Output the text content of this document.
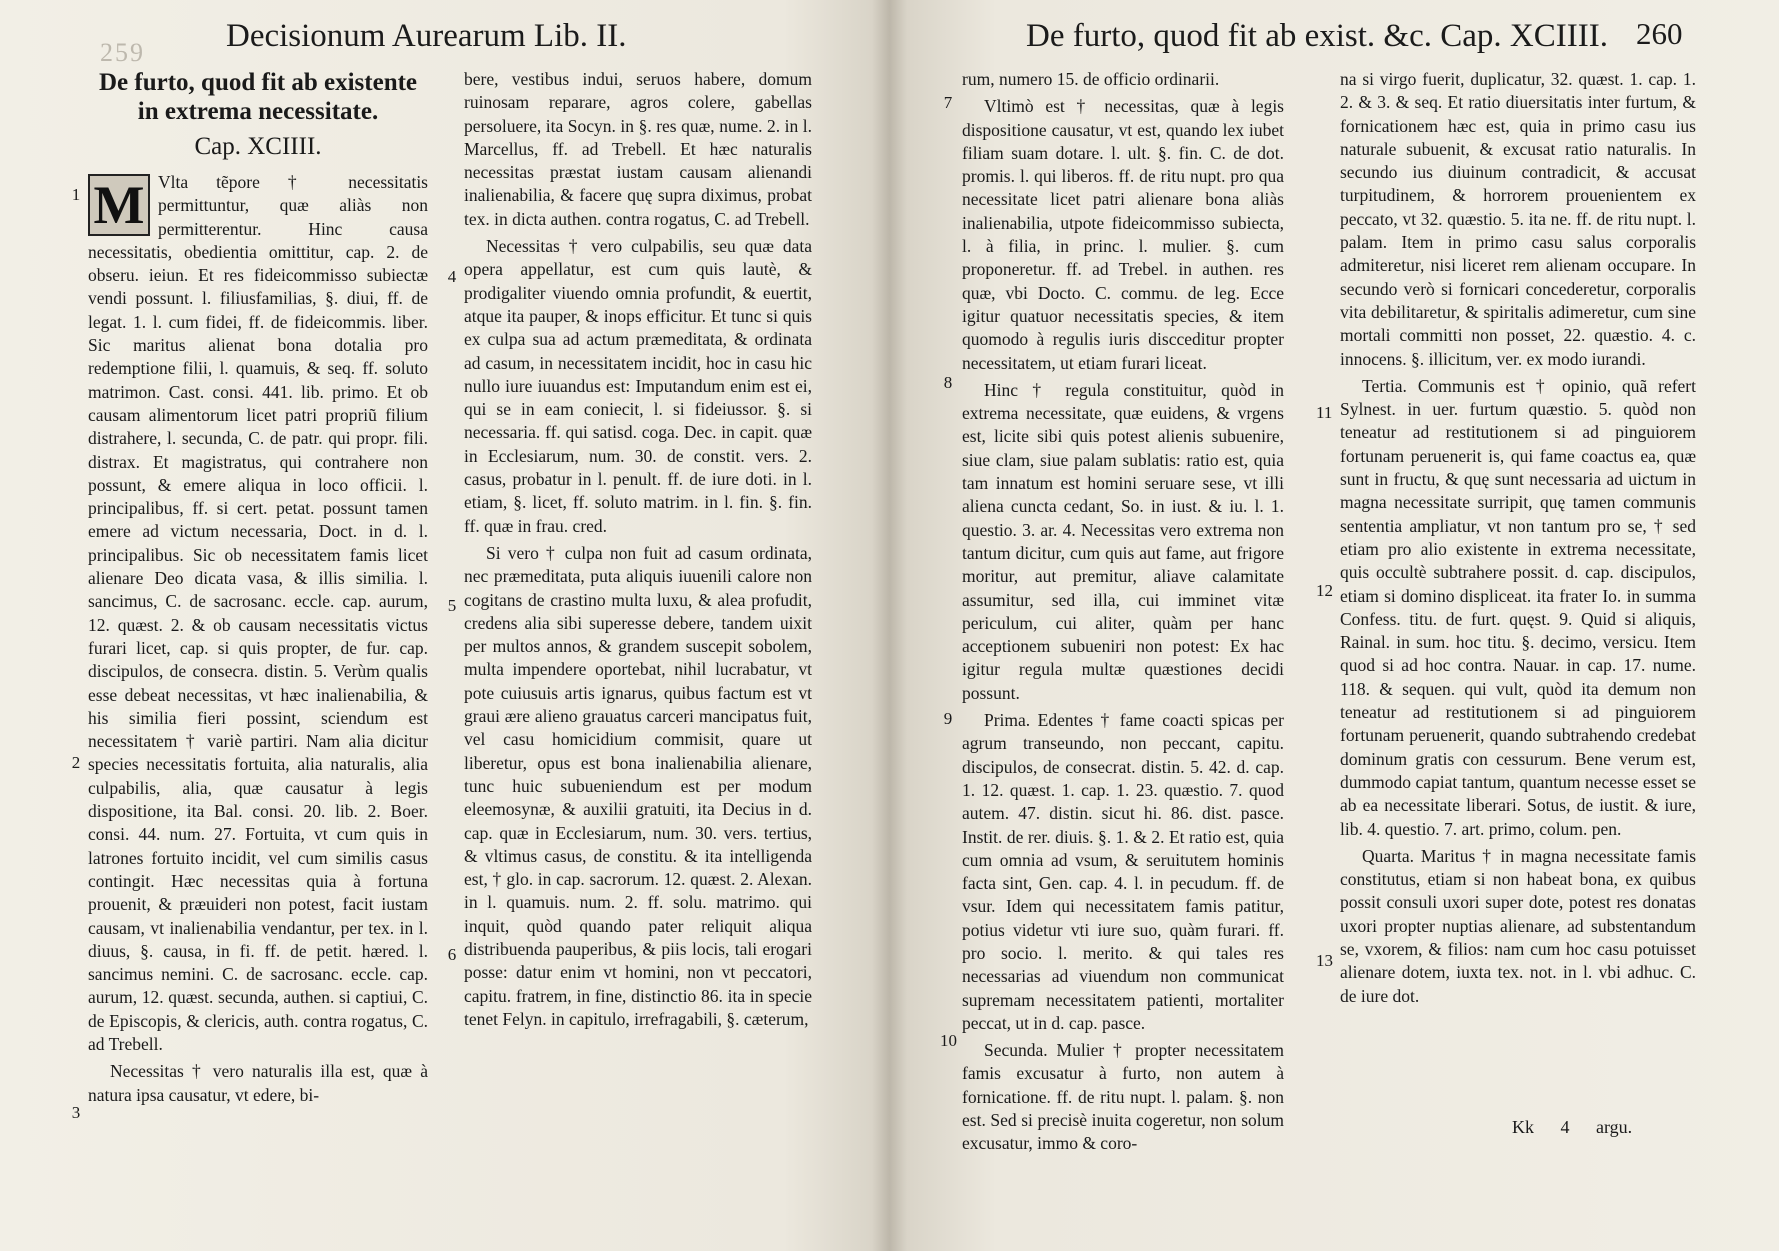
259 Decisionum Aurearum Lib. II.

De furto, quod fit ab existente in extrema necessitate.

Cap. XCIIII.

M Vlta tẽpore † necessitatis permittuntur, quæ aliàs non permitterentur. Hinc causa necessitatis, obedientia omittitur, cap. 2. de obseru. ieiun. Et res fideicommisso subiectæ vendi possunt. l. filiusfamilias, §. diui, ff. de legat. 1. l. cum fidei, ff. de fideicommis. liber. Sic maritus alienat bona dotalia pro redemptione filii, l. quamuis, & seq. ff. soluto matrimon. Cast. consi. 441. lib. primo. Et ob causam alimentorum licet patri propriũ filium distrahere, l. secunda, C. de patr. qui propr. fili. distrax. Et magistratus, qui contrahere non possunt, & emere aliqua in loco officii. l. principalibus, ff. si cert. petat. possunt tamen emere ad victum necessaria, Doct. in d. l. principalibus. Sic ob necessitatem famis licet alienare Deo dicata vasa, & illis similia. l. sancimus, C. de sacrosanc. eccle. cap. aurum, 12. quæst. 2. & ob causam necessitatis victus furari licet, cap. si quis propter, de fur. cap. discipulos, de consecra. distin. 5. Verùm qualis esse debeat necessitas, vt hæc inalienabilia, & his similia fieri possint, sciendum est necessitatem † variè partiri. Nam alia dicitur species necessitatis fortuita, alia naturalis, alia culpabilis, alia, quæ causatur à legis dispositione, ita Bal. consi. 20. lib. 2. Boer. consi. 44. num. 27. Fortuita, vt cum quis in latrones fortuito incidit, vel cum similis casus contingit. Hæc necessitas quia à fortuna prouenit, & præuideri non potest, facit iustam causam, vt inalienabilia vendantur, per tex. in l. diuus, §. causa, in fi. ff. de petit. hæred. l. sancimus nemini. C. de sacrosanc. eccle. cap. aurum, 12. quæst. secunda, authen. si captiui, C. de Episcopis, & clericis, auth. contra rogatus, C. ad Trebell.

Necessitas † vero naturalis illa est, quæ à natura ipsa causatur, vt edere, bi-

bere, vestibus indui, seruos habere, domum ruinosam reparare, agros colere, gabellas persoluere, ita Socyn. in §. res quæ, nume. 2. in l. Marcellus, ff. ad Trebell. Et hæc naturalis necessitas præstat iustam causam alienandi inalienabilia, & facere quę supra diximus, probat tex. in dicta authen. contra rogatus, C. ad Trebell.

Necessitas † vero culpabilis, seu quæ data opera appellatur, est cum quis lautè, & prodigaliter viuendo omnia profundit, & euertit, atque ita pauper, & inops efficitur. Et tunc si quis ex culpa sua ad actum præmeditata, & ordinata ad casum, in necessitatem incidit, hoc in casu hic nullo iure iuuandus est: Imputandum enim est ei, qui se in eam coniecit, l. si fideiussor. §. si necessaria. ff. qui satisd. coga. Dec. in capit. quæ in Ecclesiarum, num. 30. de constit. vers. 2. casus, probatur in l. penult. ff. de iure doti. in l. etiam, §. licet, ff. soluto matrim. in l. fin. §. fin. ff. quæ in frau. cred.

Si vero † culpa non fuit ad casum ordinata, nec præmeditata, puta aliquis iuuenili calore non cogitans de crastino multa luxu, & alea profudit, credens alia sibi superesse debere, tandem uixit per multos annos, & grandem suscepit sobolem, multa impendere oportebat, nihil lucrabatur, vt pote cuiusuis artis ignarus, quibus factum est vt graui ære alieno grauatus carceri mancipatus fuit, vel casu homicidium commisit, quare ut liberetur, opus est bona inalienabilia alienare, tunc huic subueniendum est per modum eleemosynæ, & auxilii gratuiti, ita Decius in d. cap. quæ in Ecclesiarum, num. 30. vers. tertius, & vltimus casus, de constitu. & ita intelligenda est, † glo. in cap. sacrorum. 12. quæst. 2. Alexan. in l. quamuis. num. 2. ff. solu. matrimo. qui inquit, quòd quando pater reliquit aliqua distribuenda pauperibus, & piis locis, tali erogari posse: datur enim vt homini, non vt peccatori, capitu. fratrem, in fine, distinctio 86. ita in specie tenet Felyn. in capitulo, irrefragabili, §. cæterum,

1
2
3
4
5
6
De furto, quod fit ab exist. &c. Cap. XCIIII. 260

rum, numero 15. de officio ordinarii.

Vltimò est † necessitas, quæ à legis dispositione causatur, vt est, quando lex iubet filiam suam dotare. l. ult. §. fin. C. de dot. promis. l. qui liberos. ff. de ritu nupt. pro qua necessitate licet patri alienare bona aliàs inalienabilia, utpote fideicommisso subiecta, l. à filia, in princ. l. mulier. §. cum proponeretur. ff. ad Trebel. in authen. res quæ, vbi Docto. C. commu. de leg. Ecce igitur quatuor necessitatis species, & item quomodo à regulis iuris discceditur propter necessitatem, ut etiam furari liceat.

Hinc † regula constituitur, quòd in extrema necessitate, quæ euidens, & vrgens est, licite sibi quis potest alienis subuenire, siue clam, siue palam sublatis: ratio est, quia tam innatum est homini seruare sese, vt illi aliena cuncta cedant, So. in iust. & iu. l. 1. questio. 3. ar. 4. Necessitas vero extrema non tantum dicitur, cum quis aut fame, aut frigore moritur, aut premitur, aliave calamitate assumitur, sed illa, cui imminet vitæ periculum, cui aliter, quàm per hanc acceptionem subueniri non potest: Ex hac igitur regula multæ quæstiones decidi possunt.

Prima. Edentes † fame coacti spicas per agrum transeundo, non peccant, capitu. discipulos, de consecrat. distin. 5. 42. d. cap. 1. 12. quæst. 1. cap. 1. 23. quæstio. 7. quod autem. 47. distin. sicut hi. 86. dist. pasce. Instit. de rer. diuis. §. 1. & 2. Et ratio est, quia cum omnia ad vsum, & seruitutem hominis facta sint, Gen. cap. 4. l. in pecudum. ff. de vsur. Idem qui necessitatem famis patitur, potius videtur vti iure suo, quàm furari. ff. pro socio. l. merito. & qui tales res necessarias ad viuendum non communicat supremam necessitatem patienti, mortaliter peccat, ut in d. cap. pasce.

Secunda. Mulier † propter necessitatem famis excusatur à furto, non autem à fornicatione. ff. de ritu nupt. l. palam. §. non est. Sed si precisè inuita cogeretur, non solum excusatur, immo & coro-

na si virgo fuerit, duplicatur, 32. quæst. 1. cap. 1. 2. & 3. & seq. Et ratio diuersitatis inter furtum, & fornicationem hæc est, quia in primo casu ius naturale subuenit, & excusat ratio naturalis. In secundo ius diuinum contradicit, & accusat turpitudinem, & horrorem prouenientem ex peccato, vt 32. quæstio. 5. ita ne. ff. de ritu nupt. l. palam. Item in primo casu salus corporalis admiteretur, nisi liceret rem alienam occupare. In secundo verò si fornicari concederetur, corporalis vita debilitaretur, & spiritalis adimeretur, cum sine mortali committi non posset, 22. quæstio. 4. c. innocens. §. illicitum, ver. ex modo iurandi.

Tertia. Communis est † opinio, quã refert Sylnest. in uer. furtum quæstio. 5. quòd non teneatur ad restitutionem si ad pinguiorem fortunam peruenerit is, qui fame coactus ea, quæ sunt in fructu, & quę sunt necessaria ad uictum in magna necessitate surripit, quę tamen communis sententia ampliatur, vt non tantum pro se, † sed etiam pro alio existente in extrema necessitate, quis occultè subtrahere possit. d. cap. discipulos, etiam si domino displiceat. ita frater Io. in summa Confess. titu. de furt. quęst. 9. Quid si aliquis, Rainal. in sum. hoc titu. §. decimo, versicu. Item quod si ad hoc contra. Nauar. in cap. 17. nume. 118. & sequen. qui vult, quòd ita demum non teneatur ad restitutionem si ad pinguiorem fortunam peruenerit, quando subtrahendo credebat dominum gratis con cessurum. Bene verum est, dummodo capiat tantum, quantum necesse esset se ab ea necessitate liberari. Sotus, de iustit. & iure, lib. 4. questio. 7. art. primo, colum. pen.

Quarta. Maritus † in magna necessitate famis constitutus, etiam si non habeat bona, ex quibus possit consuli uxori super dote, potest res donatas uxori propter nuptias alienare, ad substentandum se, vxorem, & filios: nam cum hoc casu potuisset alienare dotem, iuxta tex. not. in l. vbi adhuc. C. de iure dot.

7
8
9
10
11
12
13
Kk 4 argu.
